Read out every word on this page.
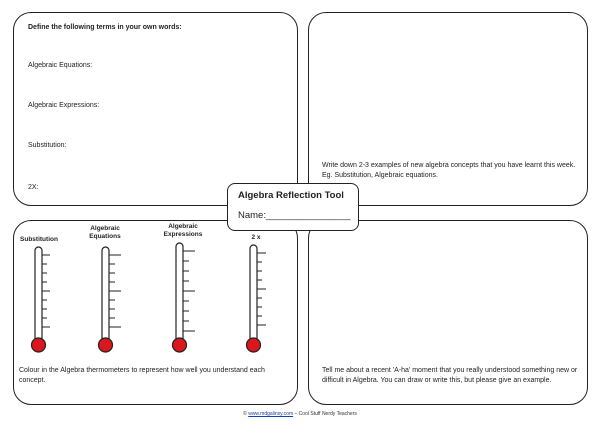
Define the following terms in your own words:
Algebraic Equations:
Algebraic Expressions:
Substitution:
2X:
Write down 2-3 examples of new algebra concepts that you have learnt this week. Eg. Substitution, Algebraic equations.
Substitution
Algebraic
Equations
Algebraic
Expressions	2 x
Colour in the Algebra thermometers to represent how well you understand each concept.
Tell me about a recent 'A-ha' moment that you really understood something new or difficult in Algebra. You can draw or write this, but please give an example.
Algebra Reflection Tool
Name:________________
© www.mdgalinsy.com – Cool Stuff Nerdy Teachers
